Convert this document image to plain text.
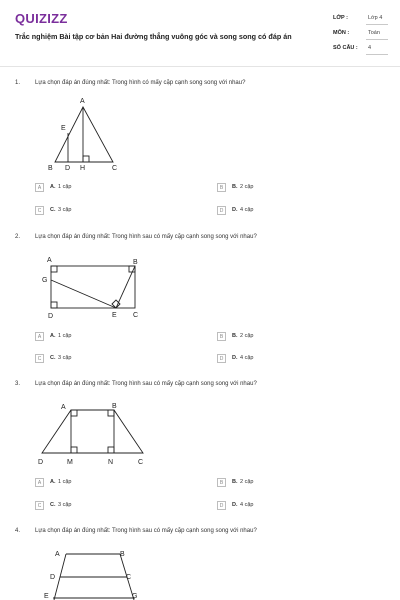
QUIZIZZ
Trắc nghiệm Bài tập cơ bản Hai đường thẳng vuông góc và song song có đáp án
LỚP :	Lớp 4
MÔN :	Toán
SỐ CÂU : 4
1. Lựa chọn đáp án đúng nhất: Trong hình có mấy cặp cạnh song song với nhau?
A
E
B D H	C
A	A. 1 cặp	B	B. 2 cặp
C	C. 3 cặp	D	D. 4 cặp
2. Lựa chọn đáp án đúng nhất: Trong hình sau có mấy cặp cạnh song song với nhau?
A	B
G
D	E C
A	A. 1 cặp	B	B. 2 cặp
C	C. 3 cặp	D	D. 4 cặp
3. Lựa chọn đáp án đúng nhất: Trong hình sau có mấy cặp cạnh song song với nhau?
A	B
D	M	N	C
A	A. 1 cặp	B	B. 2 cặp
C	C. 3 cặp	D	D. 4 cặp
4. Lựa chọn đáp án đúng nhất: Trong hình sau có mấy cặp cạnh song song với nhau?
A	B
D	C
E	G
